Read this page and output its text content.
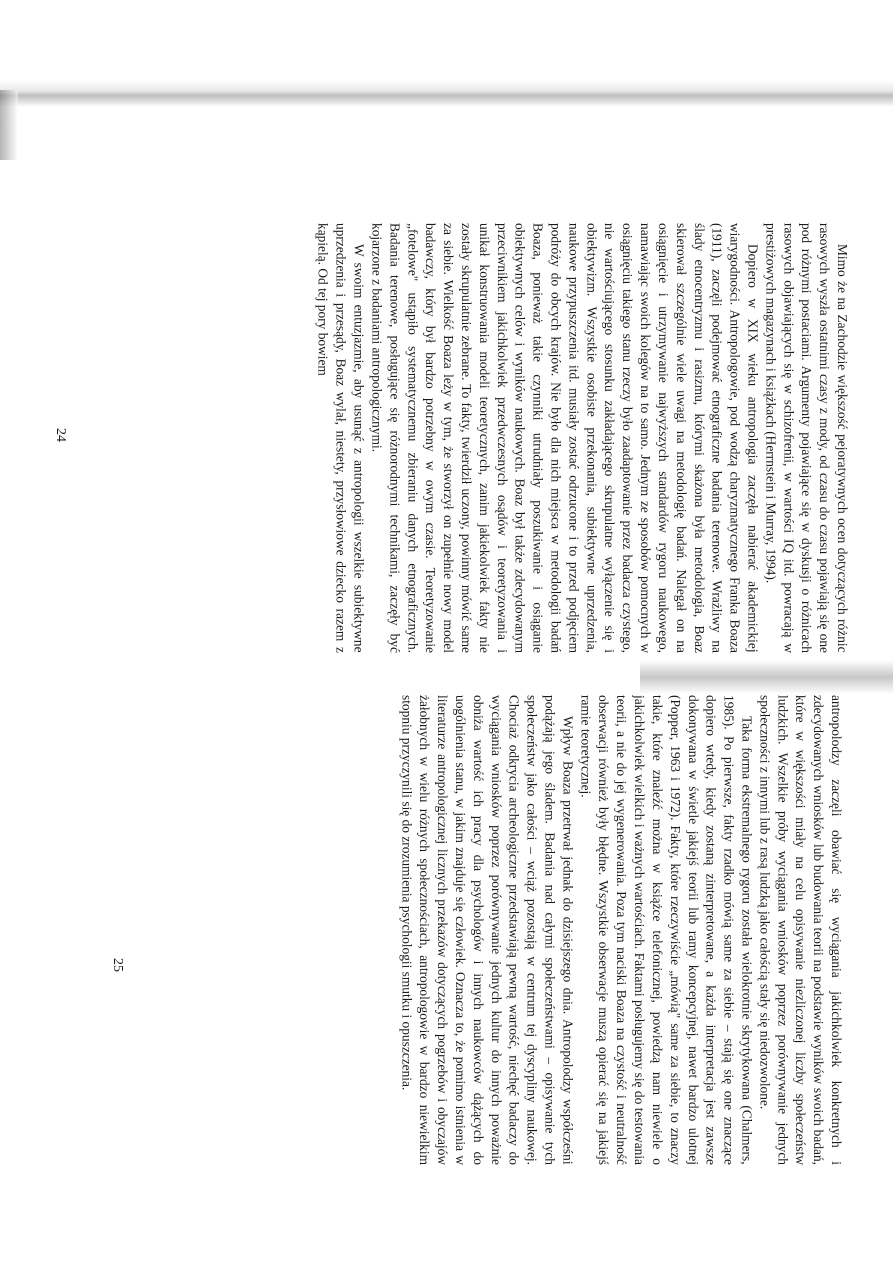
Mimo że na Zachodzie większość pejoratywnych ocen dotyczących różnic rasowych wyszła ostatnimi czasy z mody, od czasu do czasu pojawiają się one pod różnymi postaciami. Argumenty pojawiające się w dyskusji o różnicach rasowych objawiających się w schizofrenii, w wartości IQ itd. powracają w prestiżowych magazynach i książkach (Herrnstein i Murray, 1994).

Dopiero w XIX wieku antropologia zaczęła nabierać akademickiej wiarygodności. Antropologowie, pod wodzą charyzmatycznego Franka Boaza (1911), zaczęli podejmować etnograficzne badania terenowe. Wrażliwy na ślady etnocentryzmu i rasizmu, którymi skażona była metodologia, Boaz skierował szczególnie wiele uwagi na metodologię badań. Nalegał on na osiągnięcie i utrzymywanie najwyższych standardów rygoru naukowego, namawiając swoich kolegów na to samo. Jednym ze sposobów pomocnych w osiągnięciu takiego stanu rzeczy było zaadaptowanie przez badacza czystego, nie wartościującego stosunku zakładającego skrupulatne wyłączenie się i obiektywizm. Wszystkie osobiste przekonania, subiektywne uprzedzenia, naukowe przypuszczenia itd. musiały zostać odrzucone i to przed podjęciem podróży do obcych krajów. Nie było dla nich miejsca w metodologii badań Boaza, ponieważ takie czynniki utrudniały poszukiwanie i osiąganie obiektywnych celów i wyników naukowych. Boaz był także zdecydowanym przeciwnikiem jakichkolwiek przedwczesnych osądów i teoretyzowania i unikał konstruowania modeli teoretycznych, zanim jakiekolwiek fakty nie zostały skrupulatnie zebrane. To fakty, twierdził uczony, powinny mówić same za siebie. Wielkość Boaza leży w tym, że stworzył on zupełnie nowy model badawczy, który był bardzo potrzebny w owym czasie. Teoretyzowanie „fotelowe" ustąpiło systematycznemu zbieraniu danych etnograficznych. Badania terenowe, posługujące się różnorodnymi technikami, zaczęły być kojarzone z badaniami antropologicznymi.

W swoim entuzjazmie, aby usunąć z antropologii wszelkie subiektywne uprzedzenia i przesądy, Boaz wylał, niestety, przysłowiowe dziecko razem z kąpielą. Od tej pory bowiem

24

antropolodzy zaczęli obawiać się wyciągania jakichkolwiek konkretnych i zdecydowanych wniosków lub budowania teorii na podstawie wyników swoich badań, które w większości miały na celu opisywanie niezliczonej liczby społeczeństw ludzkich. Wszelkie próby wyciągania wniosków poprzez porównywanie jednych społeczności z innymi lub z rasą ludzką jako całością stały się niedozwolone.

Taka forma ekstremalnego rygoru została wielokrotnie skrytykowana (Chalmers, 1985). Po pierwsze, fakty rzadko mówią same za siebie – stają się one znaczące dopiero wtedy, kiedy zostaną zinterpretowane, a każda interpretacja jest zawsze dokonywana w świetle jakiejś teorii lub ramy koncepcyjnej, nawet bardzo ulotnej (Popper, 1963 i 1972). Fakty, które rzeczywiście „mówią" same za siebie, to znaczy takie, które znaleźć można w książce telefonicznej, powiedzą nam niewiele o jakichkolwiek wielkich i ważnych wartościach. Faktami posługujemy się do testowania teorii, a nie do jej wygenerowania. Poza tym naciski Boaza na czystość i neutralność obserwacji również były błędne. Wszystkie obserwacje muszą opierać się na jakiejś ramie teoretycznej.

Wpływ Boaza przetrwał jednak do dzisiejszego dnia. Antropolodzy współcześni podążają jego śladem. Badania nad całymi społeczeństwami – opisywanie tych społeczeństw jako całości – wciąż pozostają w centrum tej dyscypliny naukowej. Chociaż odkrycia archeologiczne przedstawiają pewną wartość, niechęć badaczy do wyciągania wniosków poprzez porównywanie jednych kultur do innych poważnie obniża wartość ich pracy dla psychologów i innych naukowców dążących do uogólnienia stanu, w jakim znajduje się człowiek. Oznacza to, że pomimo istnienia w literaturze antropologicznej licznych przekazów dotyczących pogrzebów i obyczajów żałobnych w wielu różnych społecznościach, antropologowie w bardzo niewielkim stopniu przyczynili się do zrozumienia psychologii smutku i opuszczenia.

25
